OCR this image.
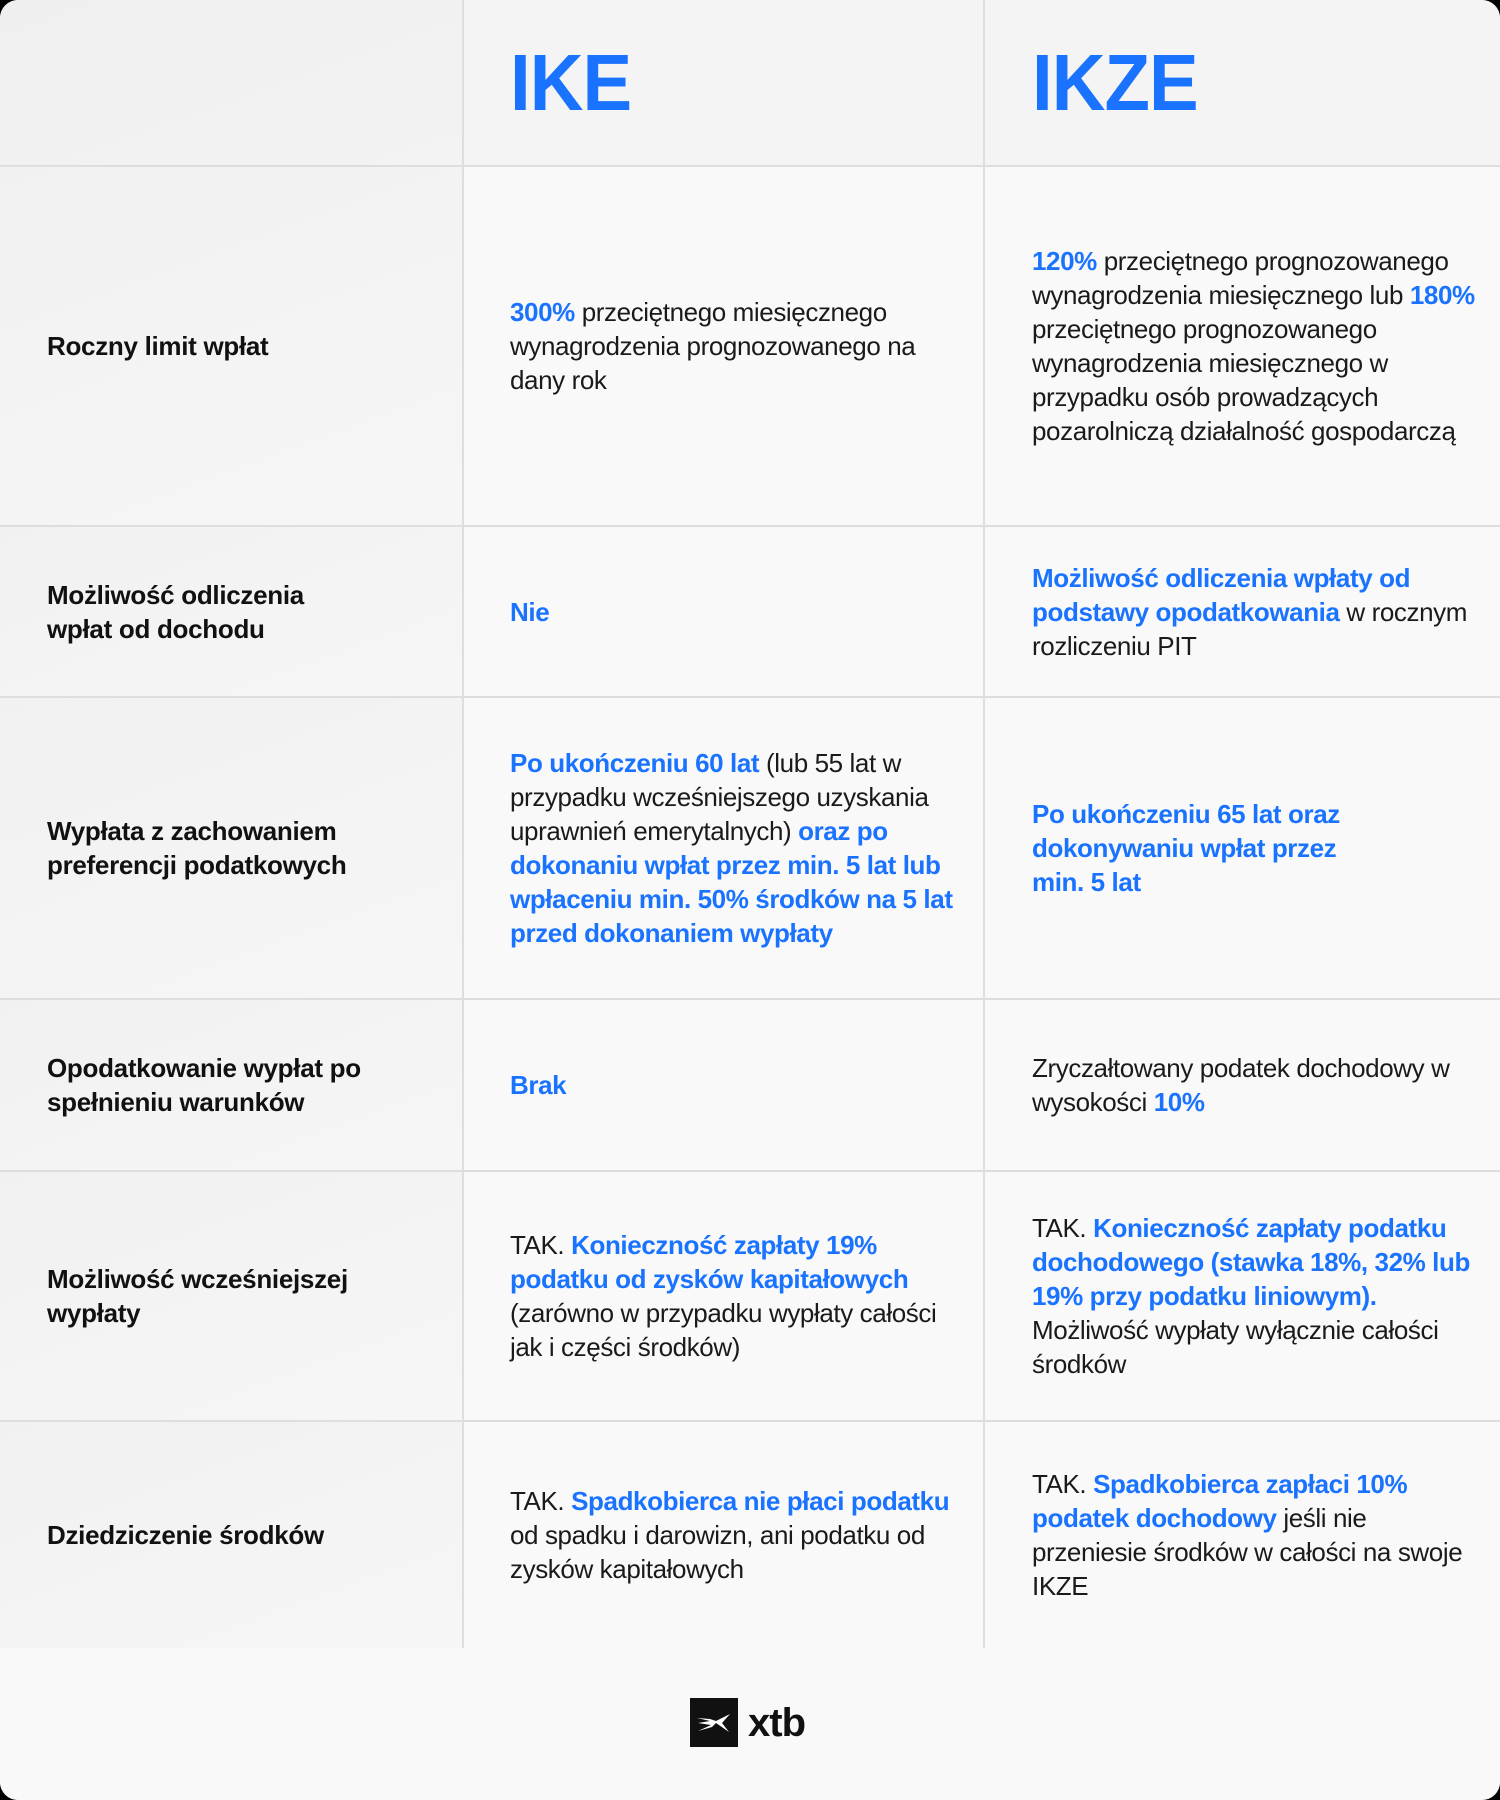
IKE	IKZE
Roczny limit wpłat
300% przeciętnego miesięcznego wynagrodzenia prognozowanego na dany rok
120% przeciętnego prognozowanego wynagrodzenia miesięcznego lub 180% przeciętnego prognozowanego wynagrodzenia miesięcznego w przypadku osób prowadzących pozarolniczą działalność gospodarczą
Możliwość odliczenia wpłat od dochodu
Nie
Możliwość odliczenia wpłaty od podstawy opodatkowania w rocznym rozliczeniu PIT
Wypłata z zachowaniem preferencji podatkowych
Po ukończeniu 60 lat (lub 55 lat w przypadku wcześniejszego uzyskania uprawnień emerytalnych) oraz po dokonaniu wpłat przez min. 5 lat lub wpłaceniu min. 50% środków na 5 lat przed dokonaniem wypłaty
Po ukończeniu 65 lat oraz dokonywaniu wpłat przez min. 5 lat
Opodatkowanie wypłat po spełnieniu warunków
Brak
Zryczałtowany podatek dochodowy w wysokości 10%
Możliwość wcześniejszej wypłaty
TAK. Konieczność zapłaty 19% podatku od zysków kapitałowych (zarówno w przypadku wypłaty całości jak i części środków)
TAK. Konieczność zapłaty podatku dochodowego (stawka 18%, 32% lub 19% przy podatku liniowym). Możliwość wypłaty wyłącznie całości środków
Dziedziczenie środków
TAK. Spadkobierca nie płaci podatku od spadku i darowizn, ani podatku od zysków kapitałowych
TAK. Spadkobierca zapłaci 10% podatek dochodowy jeśli nie przeniesie środków w całości na swoje IKZE
xtb
